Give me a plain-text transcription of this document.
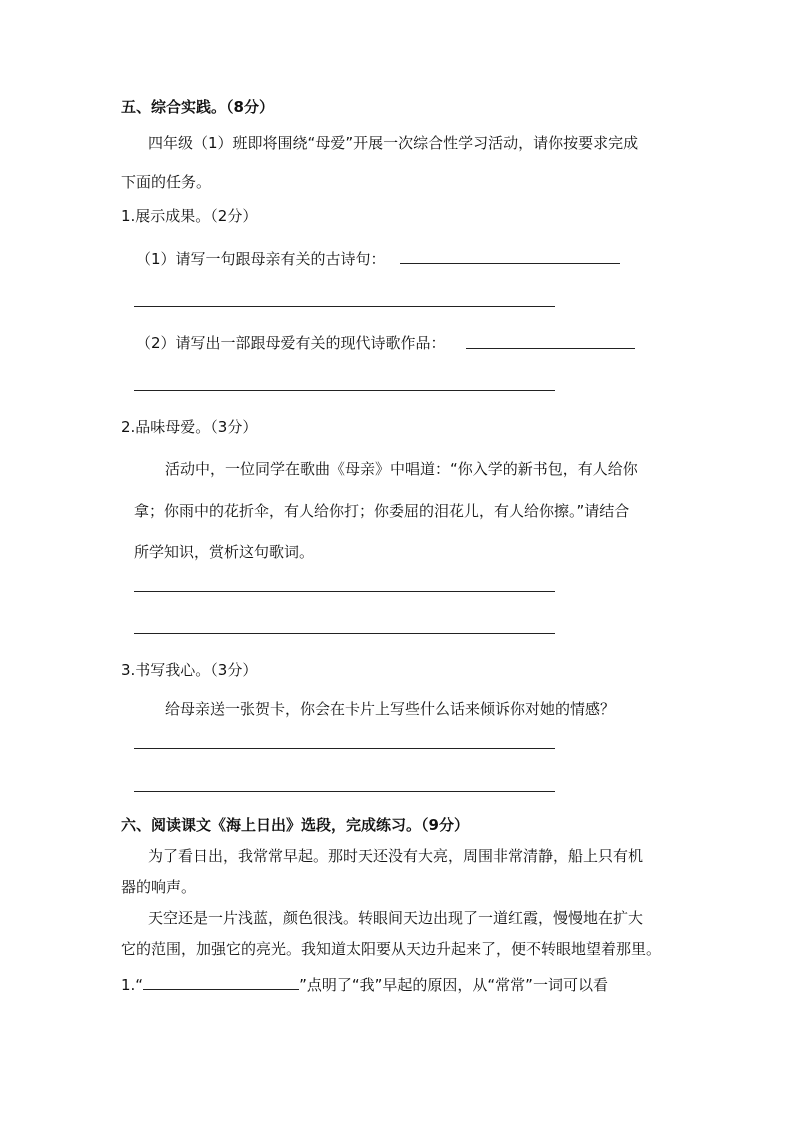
五、综合实践。（8分）
四年级（1）班即将围绕“母爱”开展一次综合性学习活动，请你按要求完成
下面的任务。
1.展示成果。（2分）
（1）请写一句跟母亲有关的古诗句：
（2）请写出一部跟母爱有关的现代诗歌作品：
2.品味母爱。（3分）
活动中，一位同学在歌曲《母亲》中唱道：“你入学的新书包，有人给你
拿；你雨中的花折伞，有人给你打；你委屈的泪花儿，有人给你擦。”请结合
所学知识，赏析这句歌词。
3.书写我心。（3分）
给母亲送一张贺卡，你会在卡片上写些什么话来倾诉你对她的情感？
六、阅读课文《海上日出》选段，完成练习。（9分）
为了看日出，我常常早起。那时天还没有大亮，周围非常清静，船上只有机
器的响声。
天空还是一片浅蓝，颜色很浅。转眼间天边出现了一道红霞，慢慢地在扩大
它的范围，加强它的亮光。我知道太阳要从天边升起来了，便不转眼地望着那里。
1.“	”点明了“我”早起的原因，从“常常”一词可以看
